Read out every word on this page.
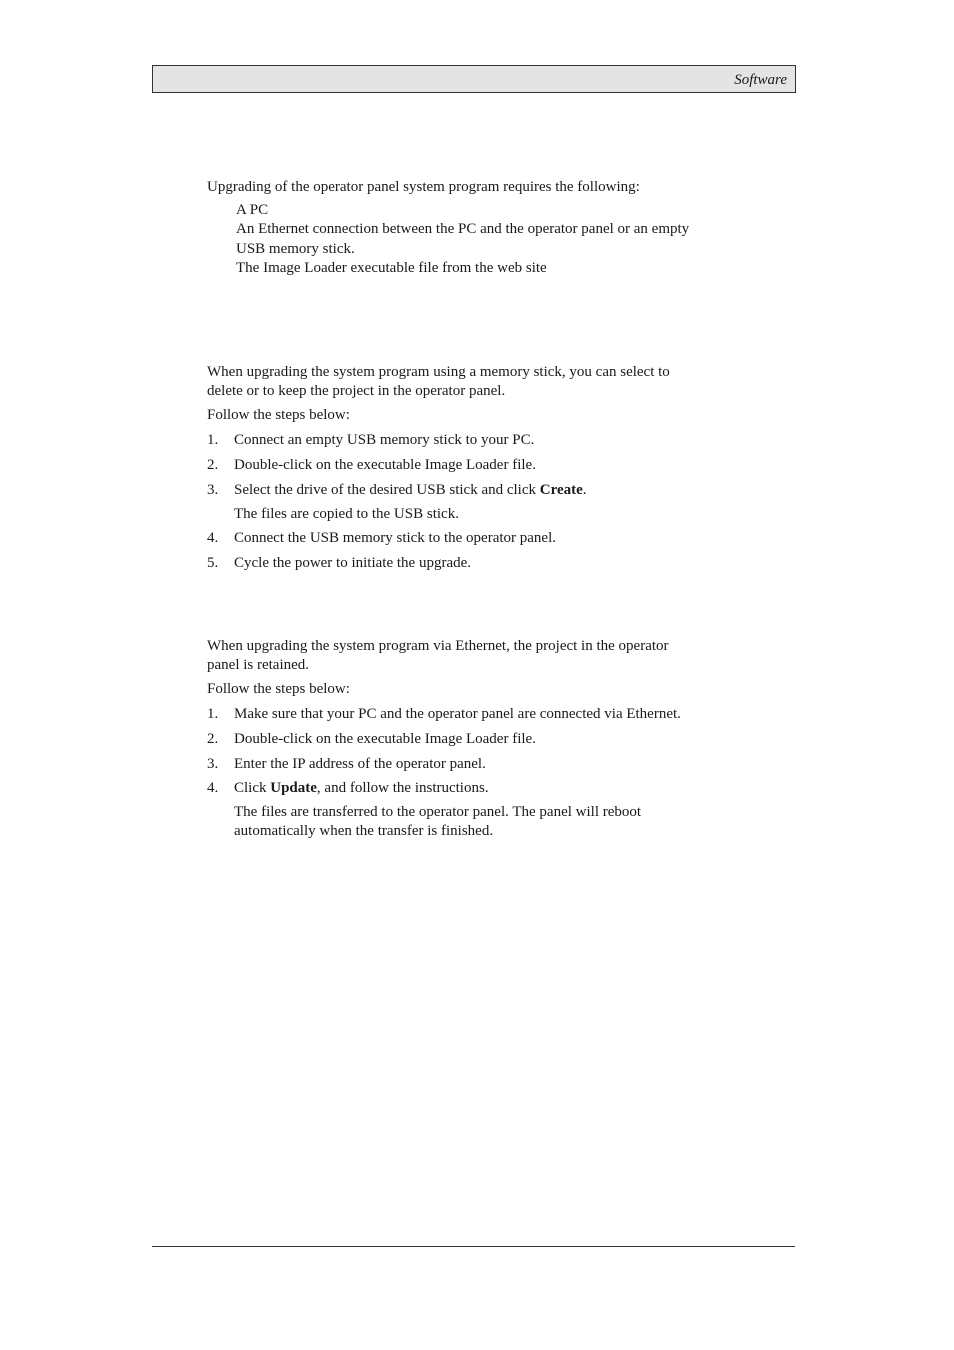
Software

Upgrading of the operator panel system program requires the following:

A PC

An Ethernet connection between the PC and the operator panel or an empty

USB memory stick.

The Image Loader executable file from the web site

When upgrading the system program using a memory stick, you can select to

delete or to keep the project in the operator panel.

Follow the steps below:

1. Connect an empty USB memory stick to your PC.
2. Double-click on the executable Image Loader file.
3. Select the drive of the desired USB stick and click Create.

The files are copied to the USB stick.

4. Connect the USB memory stick to the operator panel.
5. Cycle the power to initiate the upgrade.

When upgrading the system program via Ethernet, the project in the operator

panel is retained.

Follow the steps below:

1. Make sure that your PC and the operator panel are connected via Ethernet.
2. Double-click on the executable Image Loader file.
3. Enter the IP address of the operator panel.
4. Click Update, and follow the instructions.

The files are transferred to the operator panel. The panel will reboot

automatically when the transfer is finished.
